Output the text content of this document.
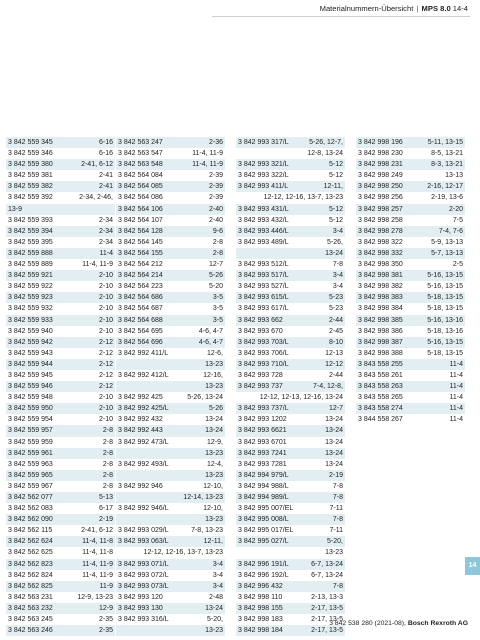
Materialnummern-Übersicht | MPS 8.0 14-4
3 842 559 345	6-16
3 842 559 346	6-16
3 842 559 380	2-41, 6-12
3 842 559 381	2-41
3 842 559 382	2-41
3 842 559 392	2-34, 2-46,
13-9
3 842 559 393	2-34
3 842 559 394	2-34
3 842 559 395	2-34
3 842 559 888	11-4
3 842 559 889	11-4, 11-9
3 842 559 921	2-10
3 842 559 922	2-10
3 842 559 923	2-10
3 842 559 932	2-10
3 842 559 933	2-10
3 842 559 940	2-10
3 842 559 942	2-12
3 842 559 943	2-12
3 842 559 944	2-12
3 842 559 945	2-12
3 842 559 946	2-12
3 842 559 948	2-10
3 842 559 950	2-10
3 842 559 954	2-10
3 842 559 957	2-8
3 842 559 959	2-8
3 842 559 961	2-8
3 842 559 963	2-8
3 842 559 965	2-8
3 842 559 967	2-8
3 842 562 077	5-13
3 842 562 083	6-17
3 842 562 090	2-19
3 842 562 115	2-41, 6-12
3 842 562 624	11-4, 11-8
3 842 562 625	11-4, 11-8
3 842 562 823	11-4, 11-9
3 842 562 824	11-4, 11-9
3 842 562 825	11-9
3 842 563 231	12-9, 13-23
3 842 563 232	12-9
3 842 563 245	2-35
3 842 563 246	2-35
3 842 563 247	2-36
3 842 563 547	11-4, 11-9
3 842 563 548	11-4, 11-9
3 842 564 084	2-39
3 842 564 085	2-39
3 842 564 086	2-39
3 842 564 106	2-40
3 842 564 107	2-40
3 842 564 128	9-6
3 842 564 145	2-8
3 842 564 155	2-8
3 842 564 212	12-7
3 842 564 214	5-26
3 842 564 223	5-20
3 842 564 686	3-5
3 842 564 687	3-5
3 842 564 688	3-5
3 842 564 695	4-6, 4-7
3 842 564 696	4-6, 4-7
3 842 992 411/L	12-6,
13-23
3 842 992 412/L	12-16,
13-23
3 842 992 425	5-26, 13-24
3 842 992 425/L	5-26
3 842 992 432	13-24
3 842 992 443	13-24
3 842 992 473/L	12-9,
13-23
3 842 992 493/L	12-4,
13-23
3 842 992 946	12-10,
12-14, 13-23
3 842 992 946/L	12-10,
13-23
3 842 993 029/L	7-8, 13-23
3 842 993 063/L	12-11,
12-12, 12-16, 13-7, 13-23
3 842 993 071/L	3-4
3 842 993 072/L	3-4
3 842 993 073/L	3-4
3 842 993 120	2-48
3 842 993 130	13-24
3 842 993 316/L	5-20,
13-23
3 842 993 317/L	5-26, 12-7,
12-8, 13-24
3 842 993 321/L	5-12
3 842 993 322/L	5-12
3 842 993 411/L	12-11,
12-12, 12-16, 13-7, 13-23
3 842 993 431/L	5-12
3 842 993 432/L	5-12
3 842 993 446/L	3-4
3 842 993 489/L	5-26,
13-24
3 842 993 512/L	7-8
3 842 993 517/L	3-4
3 842 993 527/L	3-4
3 842 993 615/L	5-23
3 842 993 617/L	5-23
3 842 993 662	2-44
3 842 993 670	2-45
3 842 993 703/L	8-10
3 842 993 706/L	12-13
3 842 993 710/L	12-12
3 842 993 728	2-44
3 842 993 737	7-4, 12-8,
12-12, 12-13, 12-16, 13-24
3 842 993 737/L	12-7
3 842 993 1202	13-24
3 842 993 6621	13-24
3 842 993 6701	13-24
3 842 993 7241	13-24
3 842 993 7281	13-24
3 842 994 979/L	2-19
3 842 994 988/L	7-8
3 842 994 989/L	7-8
3 842 995 007/EL	7-11
3 842 995 008/L	7-8
3 842 995 017/EL	7-11
3 842 995 027/L	5-20,
13-23
3 842 996 191/L	6-7, 13-24
3 842 996 192/L	6-7, 13-24
3 842 996 432	7-8
3 842 998 110	2-13, 13-3
3 842 998 155	2-17, 13-5
3 842 998 183	2-17, 13-5
3 842 998 184	2-17, 13-5
3 842 998 196	5-11, 13-15
3 842 998 230	8-5, 13-21
3 842 998 231	8-3, 13-21
3 842 998 249	13-13
3 842 998 250	2-16, 12-17
3 842 998 256	2-19, 13-6
3 842 998 257	2-20
3 842 998 258	7-5
3 842 998 278	7-4, 7-6
3 842 998 322	5-9, 13-13
3 842 998 332	5-7, 13-13
3 842 998 350	2-5
3 842 998 381	5-16, 13-15
3 842 998 382	5-16, 13-15
3 842 998 383	5-18, 13-15
3 842 998 384	5-18, 13-15
3 842 998 385	5-16, 13-16
3 842 998 386	5-18, 13-16
3 842 998 387	5-16, 13-15
3 842 998 388	5-18, 13-15
3 843 558 255	11-4
3 843 558 261	11-4
3 843 558 263	11-4
3 843 558 265	11-4
3 843 558 274	11-4
3 844 558 267	11-4
14
3 842 538 280 (2021-08), Bosch Rexroth AG
